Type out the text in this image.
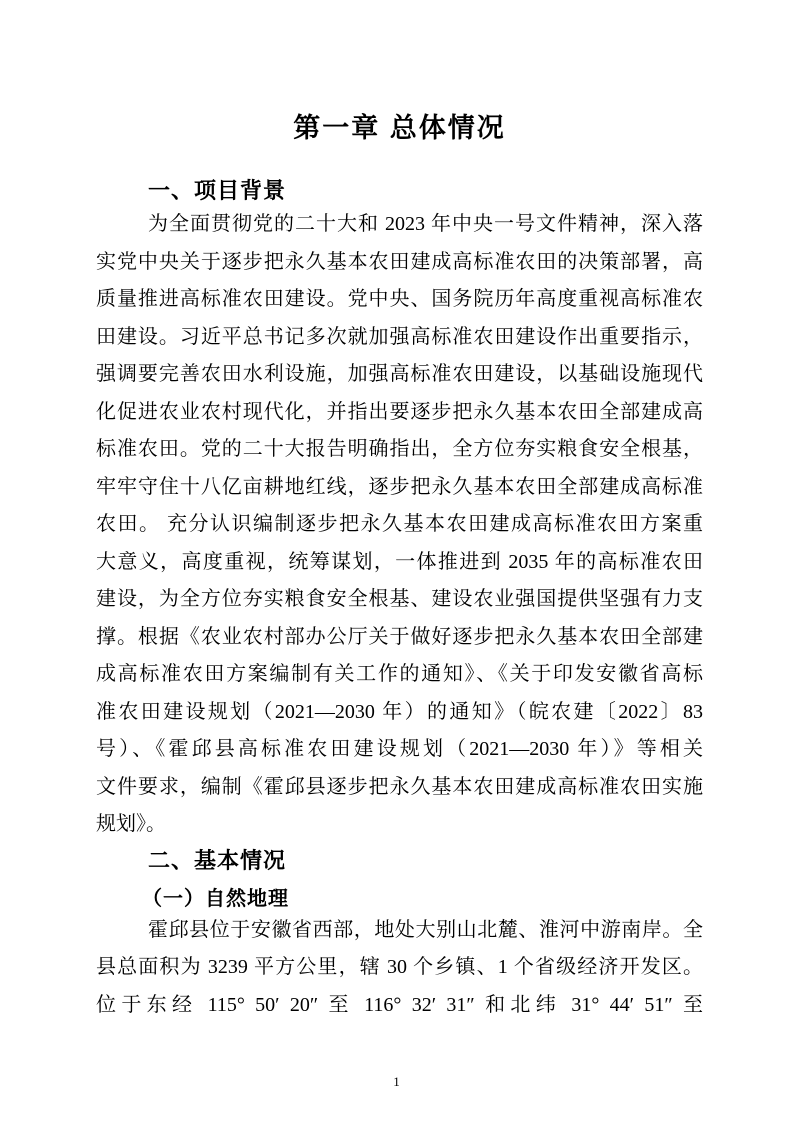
第一章 总体情况
一、项目背景
为全面贯彻党的二十大和 2023 年中央一号文件精神，深入落
实党中央关于逐步把永久基本农田建成高标准农田的决策部署，高
质量推进高标准农田建设。党中央、国务院历年高度重视高标准农
田建设。习近平总书记多次就加强高标准农田建设作出重要指示，
强调要完善农田水利设施，加强高标准农田建设，以基础设施现代
化促进农业农村现代化，并指出要逐步把永久基本农田全部建成高
标准农田。党的二十大报告明确指出，全方位夯实粮食安全根基，
牢牢守住十八亿亩耕地红线，逐步把永久基本农田全部建成高标准
农田。 充分认识编制逐步把永久基本农田建成高标准农田方案重
大意义，高度重视，统筹谋划，一体推进到 2035 年的高标准农田
建设，为全方位夯实粮食安全根基、建设农业强国提供坚强有力支
撑。根据《农业农村部办公厅关于做好逐步把永久基本农田全部建
成高标准农田方案编制有关工作的通知》、《关于印发安徽省高标
准农田建设规划（2021—2030 年）的通知》（皖农建〔2022〕83
号）、《霍邱县高标准农田建设规划（2021—2030 年）》等相关
文件要求，编制《霍邱县逐步把永久基本农田建成高标准农田实施
规划》。
二、基本情况
（一）自然地理
霍邱县位于安徽省西部，地处大别山北麓、淮河中游南岸。全
县总面积为 3239 平方公里，辖 30 个乡镇、1 个省级经济开发区。
位于东经 115° 50′ 20″ 至 116° 32′ 31″ 和北纬 31° 44′ 51″ 至
1
